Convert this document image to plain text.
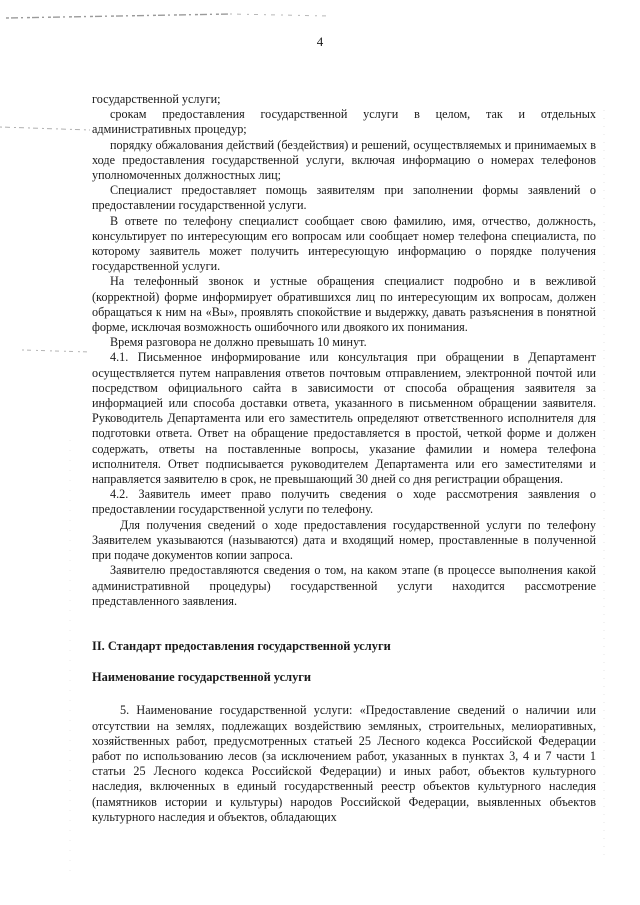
4

государственной услуги;

срокам предоставления государственной услуги в целом, так и отдельных административных процедур;

порядку обжалования действий (бездействия) и решений, осуществляемых и принимаемых в ходе предоставления государственной услуги, включая информацию о номерах телефонов уполномоченных должностных лиц;

Специалист предоставляет помощь заявителям при заполнении формы заявлений о предоставлении государственной услуги.

В ответе по телефону специалист сообщает свою фамилию, имя, отчество, должность, консультирует по интересующим его вопросам или сообщает номер телефона специалиста, по которому заявитель может получить интересующую информацию о порядке получения государственной услуги.

На телефонный звонок и устные обращения специалист подробно и в вежливой (корректной) форме информирует обратившихся лиц по интересующим их вопросам, должен обращаться к ним на «Вы», проявлять спокойствие и выдержку, давать разъяснения в понятной форме, исключая возможность ошибочного или двоякого их понимания.

Время разговора не должно превышать 10 минут.

4.1. Письменное информирование или консультация при обращении в Департамент осуществляется путем направления ответов почтовым отправлением, электронной почтой или посредством официального сайта в зависимости от способа обращения заявителя за информацией или способа доставки ответа, указанного в письменном обращении заявителя. Руководитель Департамента или его заместитель определяют ответственного исполнителя для подготовки ответа. Ответ на обращение предоставляется в простой, четкой форме и должен содержать, ответы на поставленные вопросы, указание фамилии и номера телефона исполнителя. Ответ подписывается руководителем Департамента или его заместителями и направляется заявителю в срок, не превышающий 30 дней со дня регистрации обращения.

4.2. Заявитель имеет право получить сведения о ходе рассмотрения заявления о предоставлении государственной услуги по телефону.

Для получения сведений о ходе предоставления государственной услуги по телефону Заявителем указываются (называются) дата и входящий номер, проставленные в полученной при подаче документов копии запроса.

Заявителю предоставляются сведения о том, на каком этапе (в процессе выполнения какой административной процедуры) государственной услуги находится рассмотрение представленного заявления.

II. Стандарт предоставления государственной услуги

Наименование государственной услуги

5. Наименование государственной услуги: «Предоставление сведений о наличии или отсутствии на землях, подлежащих воздействию земляных, строительных, мелиоративных, хозяйственных работ, предусмотренных статьей 25 Лесного кодекса Российской Федерации работ по использованию лесов (за исключением работ, указанных в пунктах 3, 4 и 7 части 1 статьи 25 Лесного кодекса Российской Федерации) и иных работ, объектов культурного наследия, включенных в единый государственный реестр объектов культурного наследия (памятников истории и культуры) народов Российской Федерации, выявленных объектов культурного наследия и объектов, обладающих
